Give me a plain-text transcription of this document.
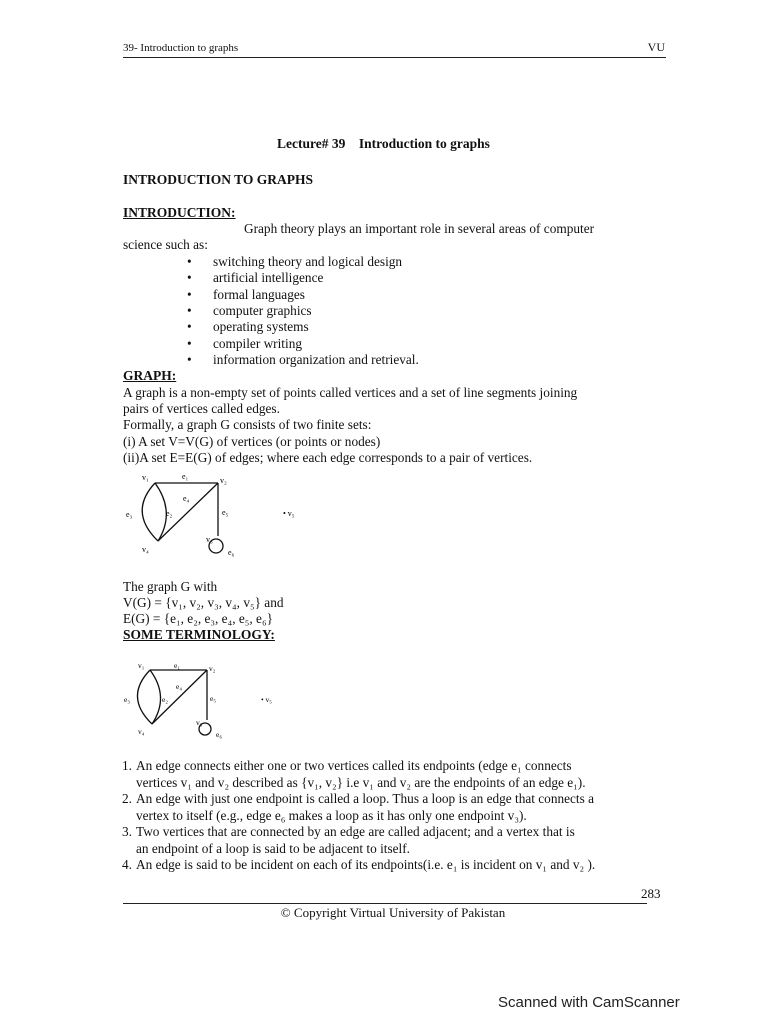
39- Introduction to graphs	VU
Lecture# 39    Introduction to graphs
INTRODUCTION TO GRAPHS
INTRODUCTION:
Graph theory plays an important role in several areas of computer
science such as:
• switching theory and logical design
• artificial intelligence
• formal languages
• computer graphics
• operating systems
• compiler writing
• information organization and retrieval.
GRAPH:
A graph is a non-empty set of points called vertices and a set of line segments joining
pairs of vertices called edges.
Formally, a graph G consists of two finite sets:
(i) A set V=V(G) of vertices (or points or nodes)
(ii)A set E=E(G) of edges; where each edge corresponds to a pair of vertices.
v₁	e₁	v₂
e₄
e₃	e₂	e₅
v₃
e₆
v₄
• v₅
The graph G with
V(G) = {v₁, v₂, v₃, v₄, v₅} and
E(G) = {e₁, e₂, e₃, e₄, e₅, e₆}
SOME TERMINOLOGY:
v₁	e₁	v₂
e₄
e₃	e₂	e₅
v₃
e₆
v₄
• v₅
1. An edge connects either one or two vertices called its endpoints (edge e₁ connects
vertices v₁ and v₂ described as {v₁, v₂} i.e v₁ and v₂ are the endpoints of an edge e₁).
2. An edge with just one endpoint is called a loop. Thus a loop is an edge that connects a
vertex to itself (e.g., edge e₆ makes a loop as it has only one endpoint v₃).
3. Two vertices that are connected by an edge are called adjacent; and a vertex that is
an endpoint of a loop is said to be adjacent to itself.
4. An edge is said to be incident on each of its endpoints(i.e. e₁ is incident on v₁ and v₂ ).
283
© Copyright Virtual University of Pakistan
Scanned with CamScanner
